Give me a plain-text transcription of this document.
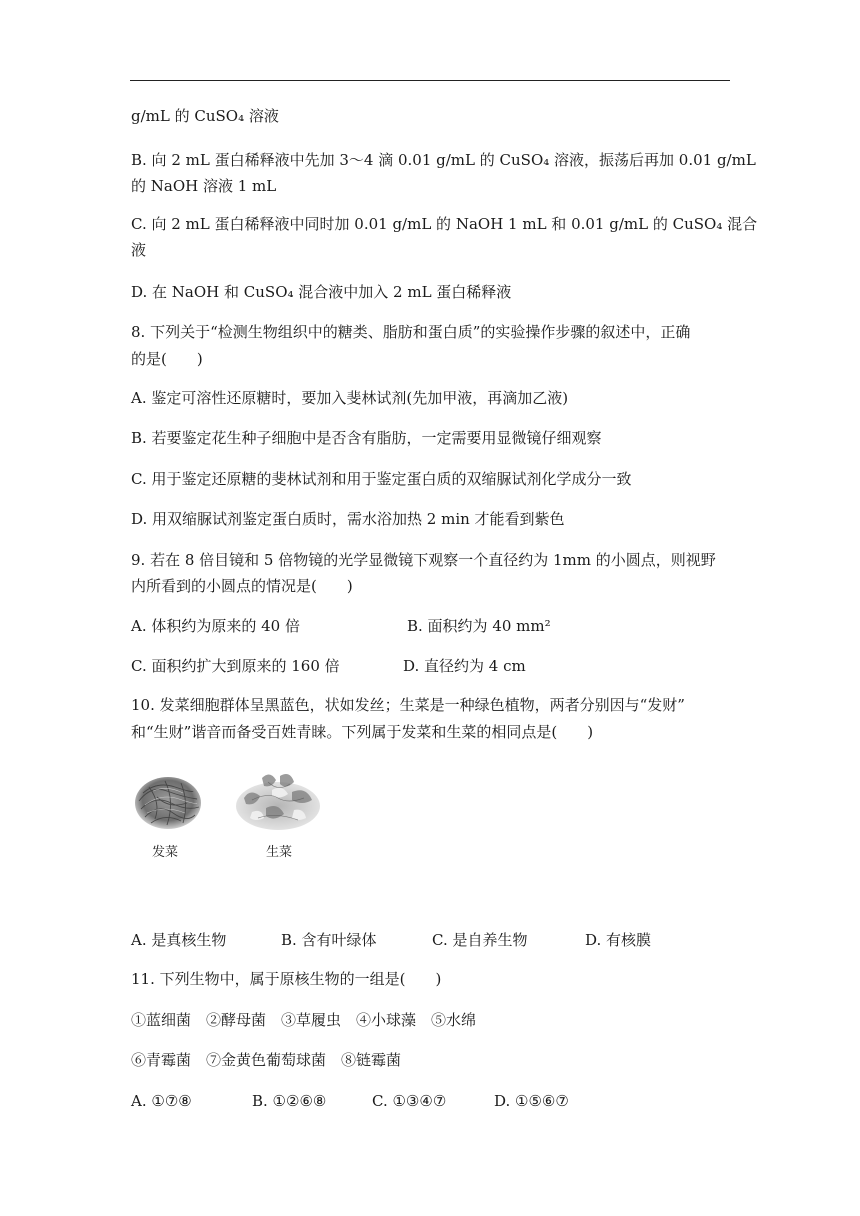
g/mL 的 CuSO₄ 溶液
B. 向 2 mL 蛋白稀释液中先加 3～4 滴 0.01 g/mL 的 CuSO₄ 溶液，振荡后再加 0.01 g/mL
的 NaOH 溶液 1 mL
C. 向 2 mL 蛋白稀释液中同时加 0.01 g/mL 的 NaOH 1 mL 和 0.01 g/mL 的 CuSO₄ 混合
液
D. 在 NaOH 和 CuSO₄ 混合液中加入 2 mL 蛋白稀释液
8. 下列关于“检测生物组织中的糖类、脂肪和蛋白质”的实验操作步骤的叙述中，正确
的是(　　)
A. 鉴定可溶性还原糖时，要加入斐林试剂(先加甲液，再滴加乙液)
B. 若要鉴定花生种子细胞中是否含有脂肪，一定需要用显微镜仔细观察
C. 用于鉴定还原糖的斐林试剂和用于鉴定蛋白质的双缩脲试剂化学成分一致
D. 用双缩脲试剂鉴定蛋白质时，需水浴加热 2 min 才能看到紫色
9. 若在 8 倍目镜和 5 倍物镜的光学显微镜下观察一个直径约为 1mm 的小圆点，则视野
内所看到的小圆点的情况是(　　)
A. 体积约为原来的 40 倍	B. 面积约为 40 mm²
C. 面积约扩大到原来的 160 倍	D. 直径约为 4 cm
10. 发菜细胞群体呈黑蓝色，状如发丝；生菜是一种绿色植物，两者分别因与“发财”
和“生财”谐音而备受百姓青睐。下列属于发菜和生菜的相同点是(　　)
发菜	生菜
A. 是真核生物	B. 含有叶绿体	C. 是自养生物	D. 有核膜
11. 下列生物中，属于原核生物的一组是(　　)
①蓝细菌　②酵母菌　③草履虫　④小球藻　⑤水绵
⑥青霉菌　⑦金黄色葡萄球菌　⑧链霉菌
A. ①⑦⑧	B. ①②⑥⑧	C. ①③④⑦	D. ①⑤⑥⑦
